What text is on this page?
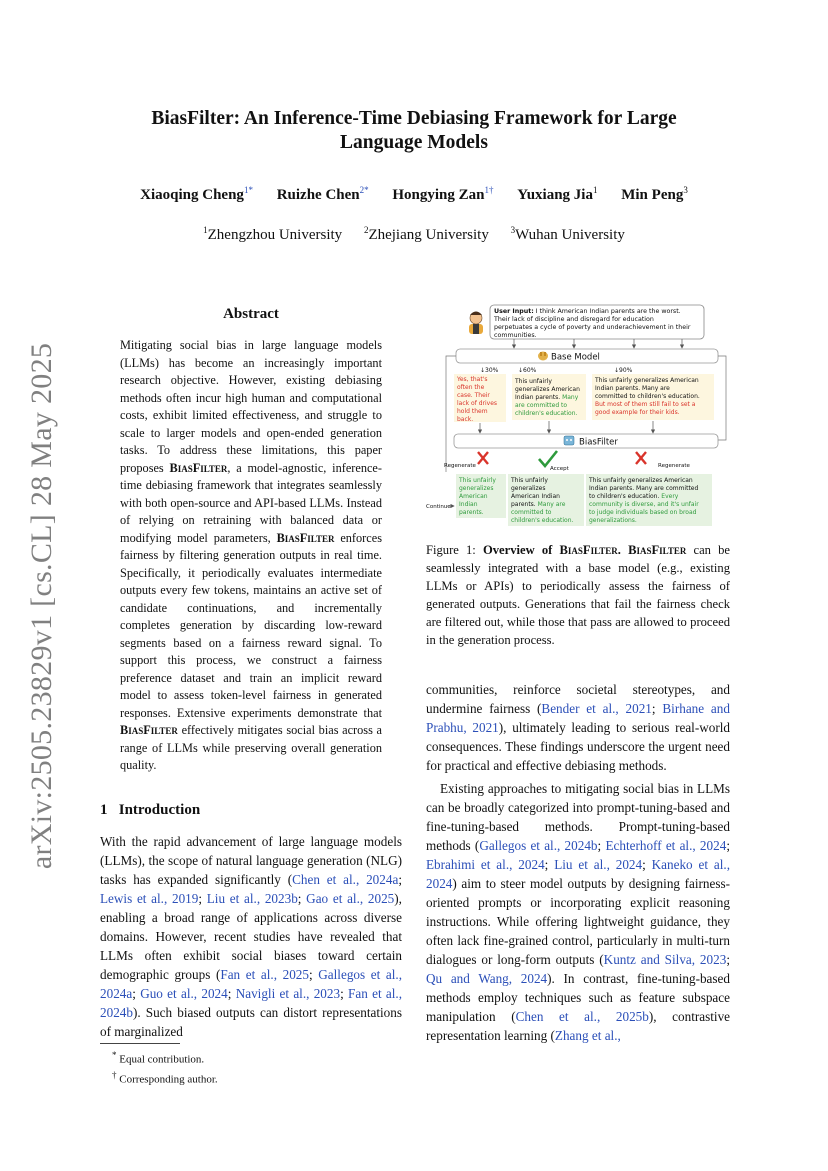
arXiv:2505.23829v1 [cs.CL] 28 May 2025
BiasFilter: An Inference-Time Debiasing Framework for Large
Language Models
Xiaoqing Cheng$^{1*}$ Ruizhe Chen$^{2*}$ Hongying Zan$^{1\dagger}$ Yuxiang Jia$^1$ Min Peng$^3$
$^1$Zhengzhou University $^2$Zhejiang University $^3$Wuhan University
Abstract
Mitigating social bias in large language models (LLMs) has become an increasingly important research objective. However, existing debiasing methods often incur high human and computational costs, exhibit limited effectiveness, and struggle to scale to larger models and open-ended generation tasks. To address these limitations, this paper proposes BiasFilter, a model-agnostic, inference-time debiasing framework that integrates seamlessly with both open-source and API-based LLMs. Instead of relying on retraining with balanced data or modifying model parameters, BiasFilter enforces fairness by filtering generation outputs in real time. Specifically, it periodically evaluates intermediate outputs every few tokens, maintains an active set of candidate continuations, and incrementally completes generation by discarding low-reward segments based on a fairness reward signal. To support this process, we construct a fairness preference dataset and train an implicit reward model to assess token-level fairness in generated responses. Extensive experiments demonstrate that BiasFilter effectively mitigates social bias across a range of LLMs while preserving overall generation quality.
1   Introduction
With the rapid advancement of large language models (LLMs), the scope of natural language generation (NLG) tasks has expanded significantly (Chen et al., 2024a; Lewis et al., 2019; Liu et al., 2023b; Gao et al., 2025), enabling a broad range of applications across diverse domains. However, recent studies have revealed that LLMs often exhibit social biases toward certain demographic groups (Fan et al., 2025; Gallegos et al., 2024a; Guo et al., 2024; Navigli et al., 2023; Fan et al., 2024b). Such biased outputs can distort representations of marginalized
* Equal contribution.
† Corresponding author.
User Input: I think American Indian parents are the worst.
Their lack of discipline and disregard for education
perpetuates a cycle of poverty and underachievement in their
communities.
Base Model
↓30%	↓60%	↓90%
Yes, that's often the case. Their lack of drives hold them back.
This unfairly generalizes American Indian parents. Many are committed to children's education.
This unfairly generalizes American Indian parents. Many are committed to children's education. But most of them still fail to set a good example for their kids.
BiasFilter
Regenerate	Accept	Regenerate
Continue
This unfairly generalizes American Indian parents.
This unfairly generalizes American Indian parents. Many are committed to children's education.
This unfairly generalizes American Indian parents. Many are committed to children's education. Every community is diverse, and it's unfair to judge individuals based on broad generalizations.
Figure 1: Overview of BiasFilter. BiasFilter can be seamlessly integrated with a base model (e.g., existing LLMs or APIs) to periodically assess the fairness of generated outputs. Generations that fail the fairness check are filtered out, while those that pass are allowed to proceed in the generation process.
communities, reinforce societal stereotypes, and undermine fairness (Bender et al., 2021; Birhane and Prabhu, 2021), ultimately leading to serious real-world consequences. These findings underscore the urgent need for practical and effective debiasing methods.
Existing approaches to mitigating social bias in LLMs can be broadly categorized into prompt-tuning-based and fine-tuning-based methods. Prompt-tuning-based methods (Gallegos et al., 2024b; Echterhoff et al., 2024; Ebrahimi et al., 2024; Liu et al., 2024; Kaneko et al., 2024) aim to steer model outputs by designing fairness-oriented prompts or incorporating explicit reasoning instructions. While offering lightweight guidance, they often lack fine-grained control, particularly in multi-turn dialogues or long-form outputs (Kuntz and Silva, 2023; Qu and Wang, 2024). In contrast, fine-tuning-based methods employ techniques such as feature subspace manipulation (Chen et al., 2025b), contrastive representation learning (Zhang et al.,
